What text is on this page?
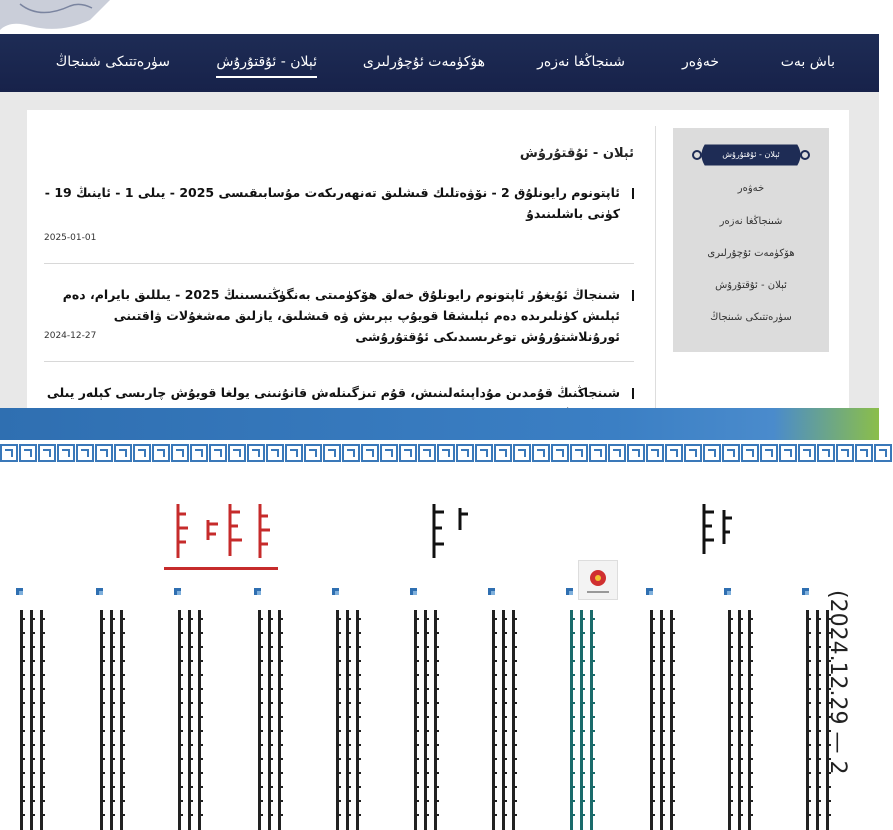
باش بەت
خەۋەر
شىنجاڭغا نەزەر
ھۆكۈمەت ئۇچۇرلىرى
ئېلان - ئۇقتۇرۇش
سۈرەتتىكى شىنجاڭ
ئېلان - ئۇقتۇرۇش
ئاپتونوم رايونلۇق 2 - نۆۋەتلىك قىشلىق تەنھەرىكەت مۇسابىقىسى 2025 - يىلى 1 - ئاينىڭ 19 - كۈنى باشلىنىدۇ
2025-01-01
شىنجاڭ ئۇيغۇر ئاپتونوم رايونلۇق خەلق ھۆكۈمىتى بەنگۈڭتىسىنىڭ 2025 - يىللىق بايرام، دەم ئېلىش كۈنلىرىدە دەم ئېلىشقا قويۇپ بېرىش ۋە قىشلىق، يازلىق مەشغۇلات ۋاقتىنى ئورۇنلاشتۇرۇش توغرىسىدىكى ئۇقتۇرۇشى
2024-12-27
شىنجاڭنىڭ قۇمدىن مۇداپىئەلىنىش، قۇم تىزگىنلەش قانۇنىنى يولغا قويۇش چارىسى كېلەر يىلى
ئېلان - ئۇقتۇرۇش
خەۋەر
شىنجاڭغا نەزەر
ھۆكۈمەت ئۇچۇرلىرى
ئېلان - ئۇقتۇرۇش
سۈرەتتىكى شىنجاڭ
(2024.12.29 — 2
